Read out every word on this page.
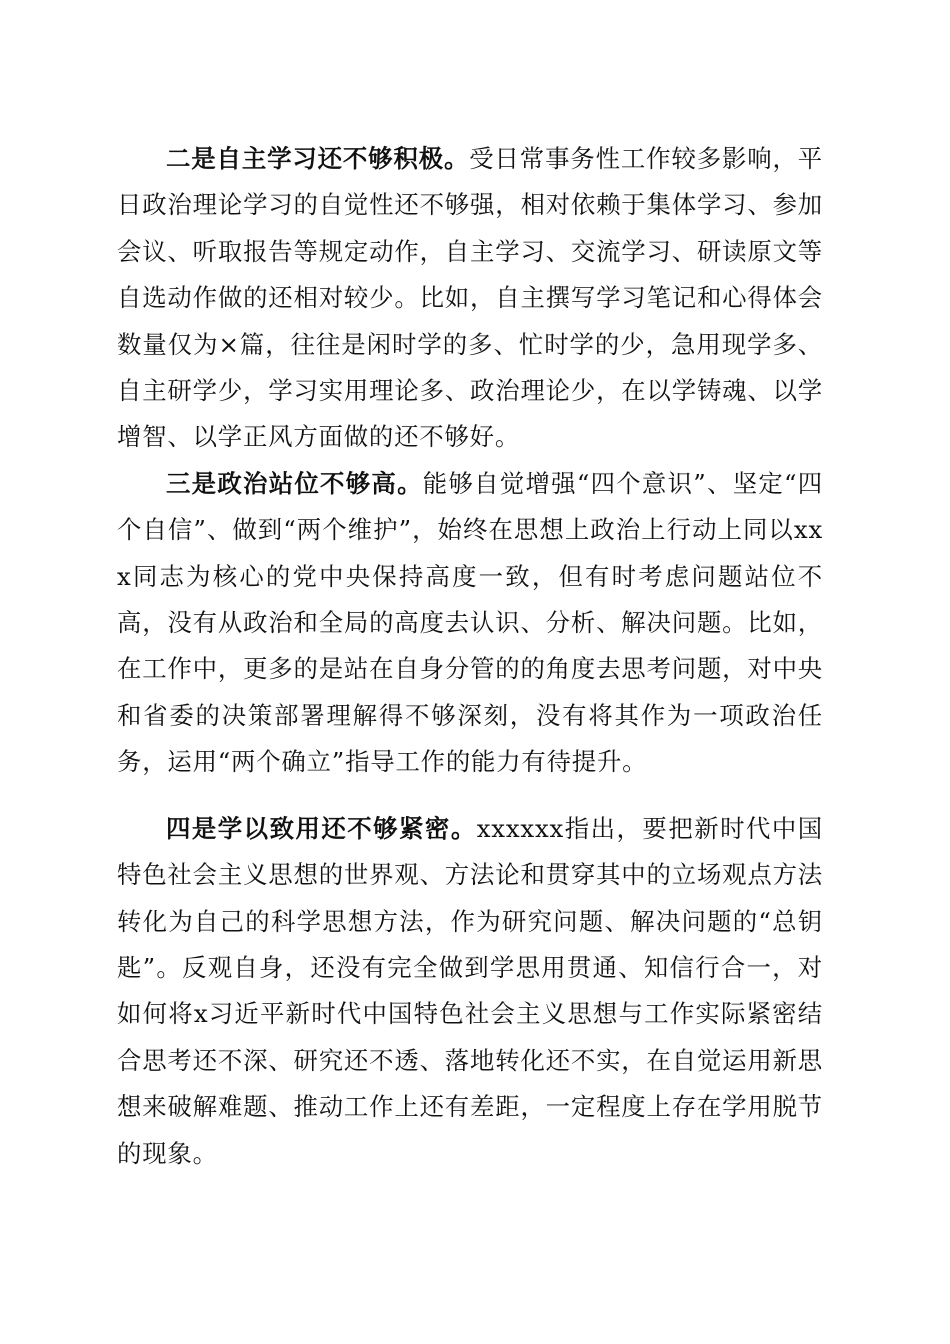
二是自主学习还不够积极。受日常事务性工作较多影响，平日政治理论学习的自觉性还不够强，相对依赖于集体学习、参加会议、听取报告等规定动作，自主学习、交流学习、研读原文等自选动作做的还相对较少。比如，自主撰写学习笔记和心得体会数量仅为×篇，往往是闲时学的多、忙时学的少，急用现学多、自主研学少，学习实用理论多、政治理论少，在以学铸魂、以学增智、以学正风方面做的还不够好。

三是政治站位不够高。能够自觉增强“四个意识”、坚定“四个自信”、做到“两个维护”，始终在思想上政治上行动上同以xxx同志为核心的党中央保持高度一致，但有时考虑问题站位不高，没有从政治和全局的高度去认识、分析、解决问题。比如，在工作中，更多的是站在自身分管的的角度去思考问题，对中央和省委的决策部署理解得不够深刻，没有将其作为一项政治任务，运用“两个确立”指导工作的能力有待提升。

四是学以致用还不够紧密。xxxxxx指出，要把新时代中国特色社会主义思想的世界观、方法论和贯穿其中的立场观点方法转化为自己的科学思想方法，作为研究问题、解决问题的“总钥匙”。反观自身，还没有完全做到学思用贯通、知信行合一，对如何将x习近平新时代中国特色社会主义思想与工作实际紧密结合思考还不深、研究还不透、落地转化还不实，在自觉运用新思想来破解难题、推动工作上还有差距，一定程度上存在学用脱节的现象。
